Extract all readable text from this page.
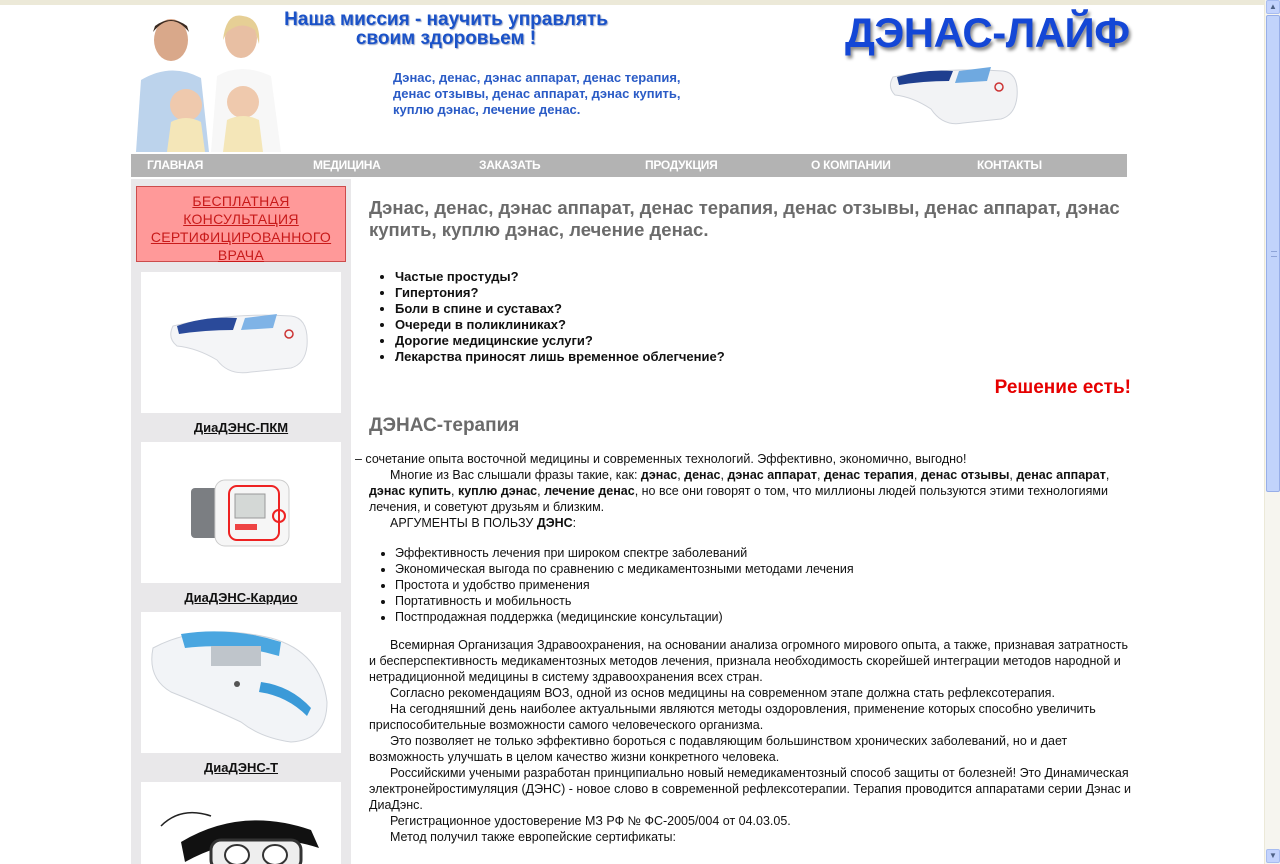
Наша миссия - научить управлять своим здоровьем !
Дэнас, денас, дэнас аппарат, денас терапия, денас отзывы, денас аппарат, дэнас купить, куплю дэнас, лечение денас.
ДЭНАС-ЛАЙФ
ГЛАВНАЯ	МЕДИЦИНА	ЗАКАЗАТЬ	ПРОДУКЦИЯ	О КОМПАНИИ	КОНТАКТЫ
БЕСПЛАТНАЯ
КОНСУЛЬТАЦИЯ
СЕРТИФИЦИРОВАННОГО
ВРАЧА
ДиаДЭНС-ПКМ
ДиаДЭНС-Кардио
ДиаДЭНС-Т
Дэнас, денас, дэнас аппарат, денас терапия, денас отзывы, денас аппарат, дэнас купить, куплю дэнас, лечение денас.
• Частые простуды?
• Гипертония?
• Боли в спине и суставах?
• Очереди в поликлиниках?
• Дорогие медицинские услуги?
• Лекарства приносят лишь временное облегчение?
Решение есть!
ДЭНАС-терапия

– сочетание опыта восточной медицины и современных технологий. Эффективно, экономично, выгодно!

Многие из Вас слышали фразы такие, как: дэнас, денас, дэнас аппарат, денас терапия, денас отзывы, денас аппарат, дэнас купить, куплю дэнас, лечение денас, но все они говорят о том, что миллионы людей пользуются этими технологиями лечения, и советуют друзьям и близким.

АРГУМЕНТЫ В ПОЛЬЗУ ДЭНС:

• Эффективность лечения при широком спектре заболеваний
• Экономическая выгода по сравнению с медикаментозными методами лечения
• Простота и удобство применения
• Портативность и мобильность
• Постпродажная поддержка (медицинские консультации)

Всемирная Организация Здравоохранения, на основании анализа огромного мирового опыта, а также, признавая затратность и бесперспективность медикаментозных методов лечения, признала необходимость скорейшей интеграции методов народной и нетрадиционной медицины в систему здравоохранения всех стран.

Согласно рекомендациям ВОЗ, одной из основ медицины на современном этапе должна стать рефлексотерапия.

На сегодняшний день наиболее актуальными являются методы оздоровления, применение которых способно увеличить приспособительные возможности самого человеческого организма.

Это позволяет не только эффективно бороться с подавляющим большинством хронических заболеваний, но и дает возможность улучшать в целом качество жизни конкретного человека.

Российскими учеными разработан принципиально новый немедикаментозный способ защиты от болезней! Это Динамическая электронейростимуляция (ДЭНС) - новое слово в современной рефлексотерапии. Терапия проводится аппаратами серии Дэнас и ДиаДэнс.

Регистрационное удостоверение МЗ РФ № ФС-2005/004 от 04.03.05.

Метод получил также европейские сертификаты:

▲
▼
